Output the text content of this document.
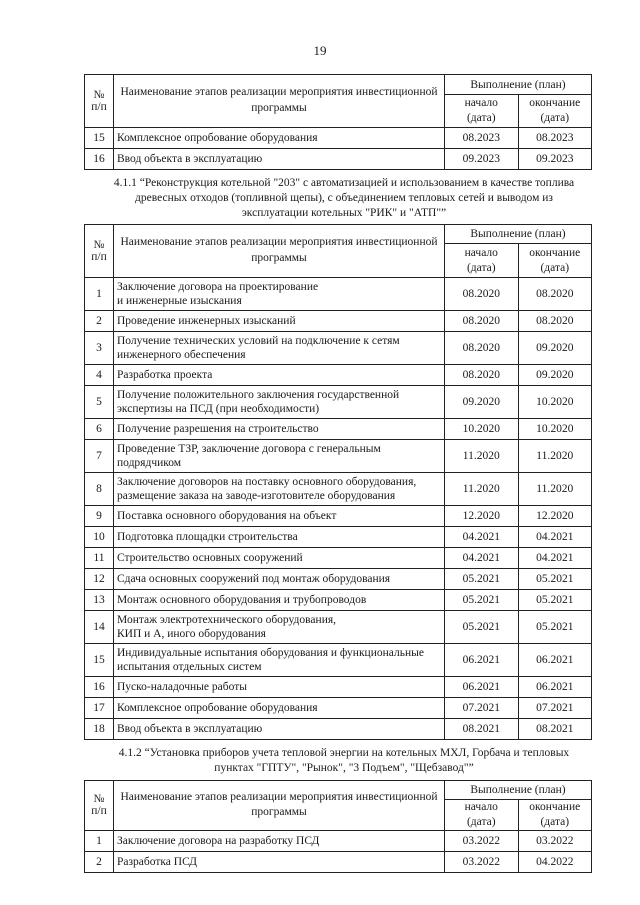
19
№
п/п	Наименование этапов реализации мероприятия инвестиционной программы	Выполнение (план)	
		начало
(дата)	окончание
(дата)
15	Комплексное опробование оборудования	08.2023	08.2023
16	Ввод объекта в эксплуатацию	09.2023	09.2023
4.1.1 “Реконструкция котельной "203" с автоматизацией и использованием в качестве топлива
древесных отходов (топливной щепы), с объединением тепловых сетей и выводом из
эксплуатации котельных "РИК" и "АТП"”
№
п/п	Наименование этапов реализации мероприятия инвестиционной программы	Выполнение (план)	
		начало
(дата)	окончание
(дата)
1	Заключение договора на проектирование
и инженерные изыскания	08.2020	08.2020
2	Проведение инженерных изысканий	08.2020	08.2020
3	Получение технических условий на подключение к сетям
инженерного обеспечения	08.2020	09.2020
4	Разработка проекта	08.2020	09.2020
5	Получение положительного заключения государственной
экспертизы на ПСД (при необходимости)	09.2020	10.2020
6	Получение разрешения на строительство	10.2020	10.2020
7	Проведение ТЗР, заключение договора с генеральным
подрядчиком	11.2020	11.2020
8	Заключение договоров на поставку основного оборудования,
размещение заказа на заводе-изготовителе оборудования	11.2020	11.2020
9	Поставка основного оборудования на объект	12.2020	12.2020
10	Подготовка площадки строительства	04.2021	04.2021
11	Строительство основных сооружений	04.2021	04.2021
12	Сдача основных сооружений под монтаж оборудования	05.2021	05.2021
13	Монтаж основного оборудования и трубопроводов	05.2021	05.2021
14	Монтаж электротехнического оборудования,
КИП и А, иного оборудования	05.2021	05.2021
15	Индивидуальные испытания оборудования и функциональные
испытания отдельных систем	06.2021	06.2021
16	Пуско-наладочные работы	06.2021	06.2021
17	Комплексное опробование оборудования	07.2021	07.2021
18	Ввод объекта в эксплуатацию	08.2021	08.2021
4.1.2 “Установка приборов учета тепловой энергии на котельных МХЛ, Горбача и тепловых
пунктах "ГПТУ", "Рынок", "3 Подъем", "Щебзавод"”
№
п/п	Наименование этапов реализации мероприятия инвестиционной программы	Выполнение (план)	
		начало
(дата)	окончание
(дата)
1	Заключение договора на разработку ПСД	03.2022	03.2022
2	Разработка ПСД	03.2022	04.2022
